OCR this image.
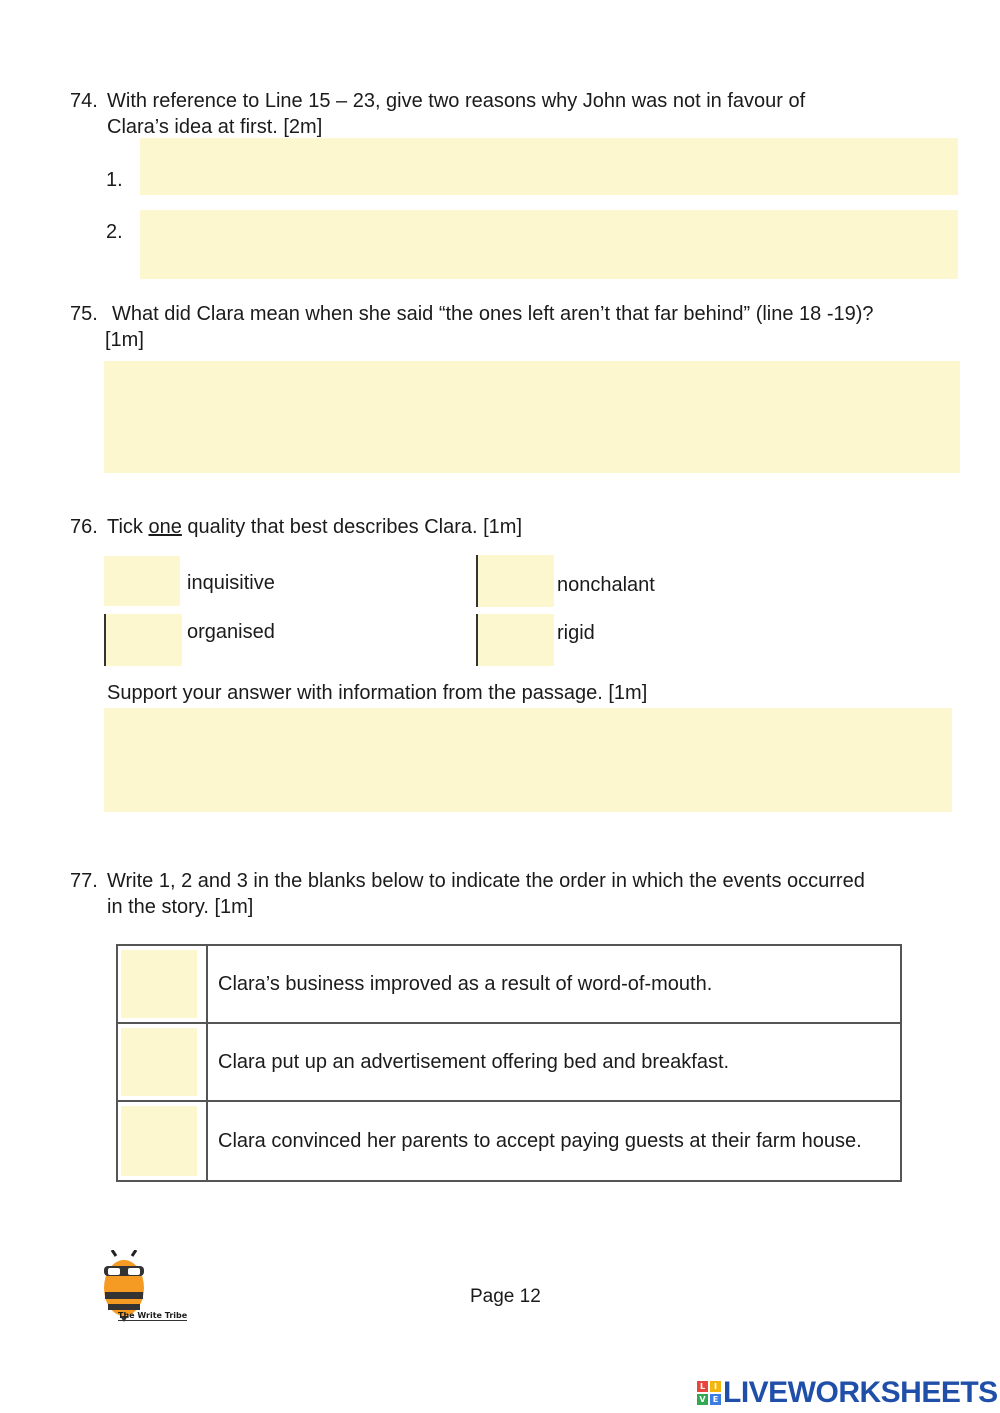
74. With reference to Line 15 – 23, give two reasons why John was not in favour of
Clara’s idea at first. [2m]
1.
2.
75. What did Clara mean when she said “the ones left aren’t that far behind” (line 18 -19)?
[1m]
76. Tick one quality that best describes Clara. [1m]
inquisitive	nonchalant
organised	rigid
Support your answer with information from the passage. [1m]
77. Write 1, 2 and 3 in the blanks below to indicate the order in which the events occurred
in the story. [1m]
	Clara’s business improved as a result of word-of-mouth.

	Clara put up an advertisement offering bed and breakfast.

	Clara convinced her parents to accept paying guests at their farm house.
The Write Tribe
Page 12
L	I
V E LIVEWORKSHEETS
